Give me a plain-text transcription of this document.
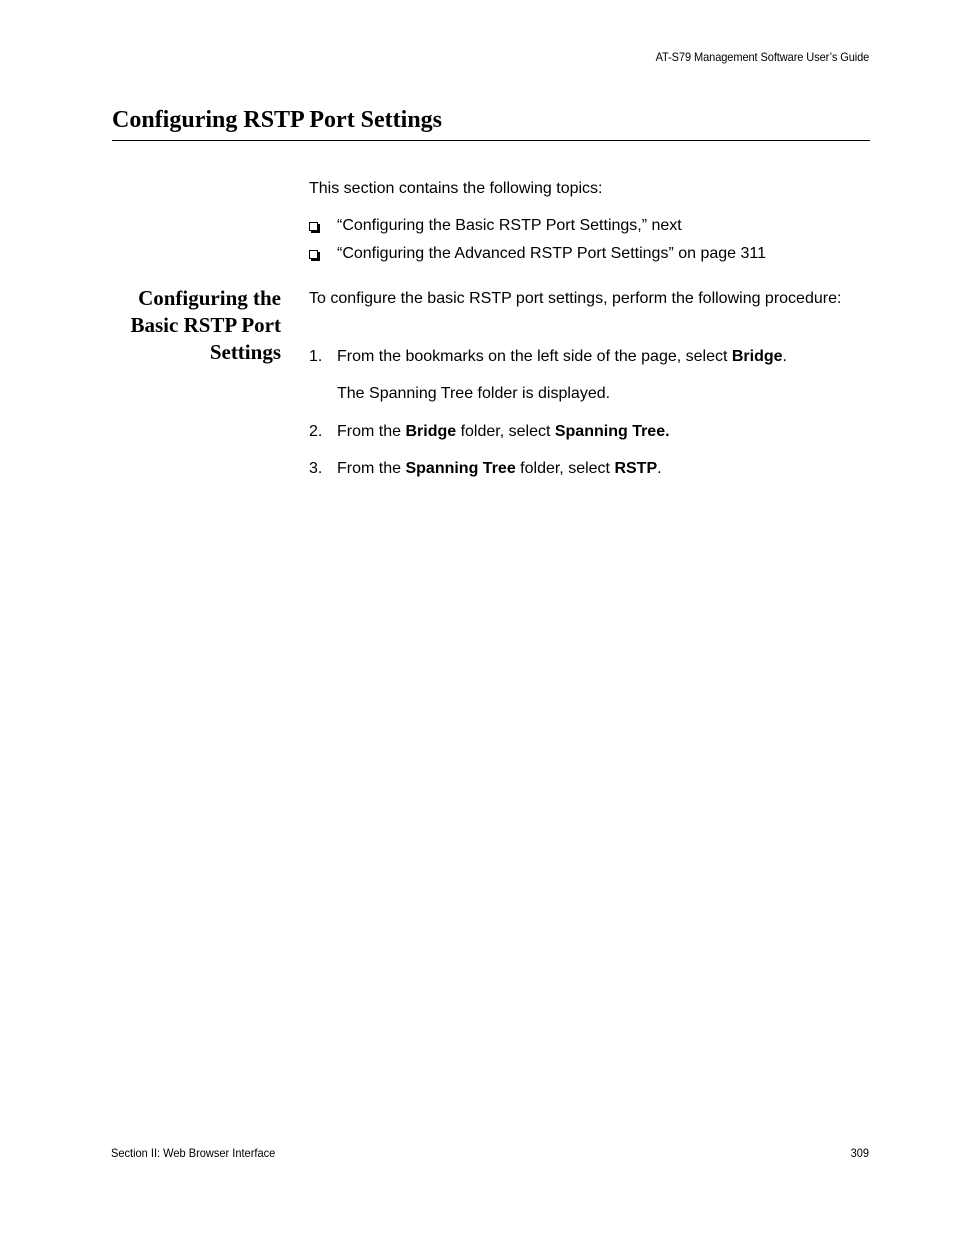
AT-S79 Management Software User’s Guide
Configuring RSTP Port Settings
This section contains the following topics:
“Configuring the Basic RSTP Port Settings,” next
“Configuring the Advanced RSTP Port Settings” on page 311
Configuring the
Basic RSTP Port
Settings
To configure the basic RSTP port settings, perform the following procedure:
1. From the bookmarks on the left side of the page, select Bridge.
The Spanning Tree folder is displayed.
2. From the Bridge folder, select Spanning Tree.
3. From the Spanning Tree folder, select RSTP.
Section II: Web Browser Interface	309
